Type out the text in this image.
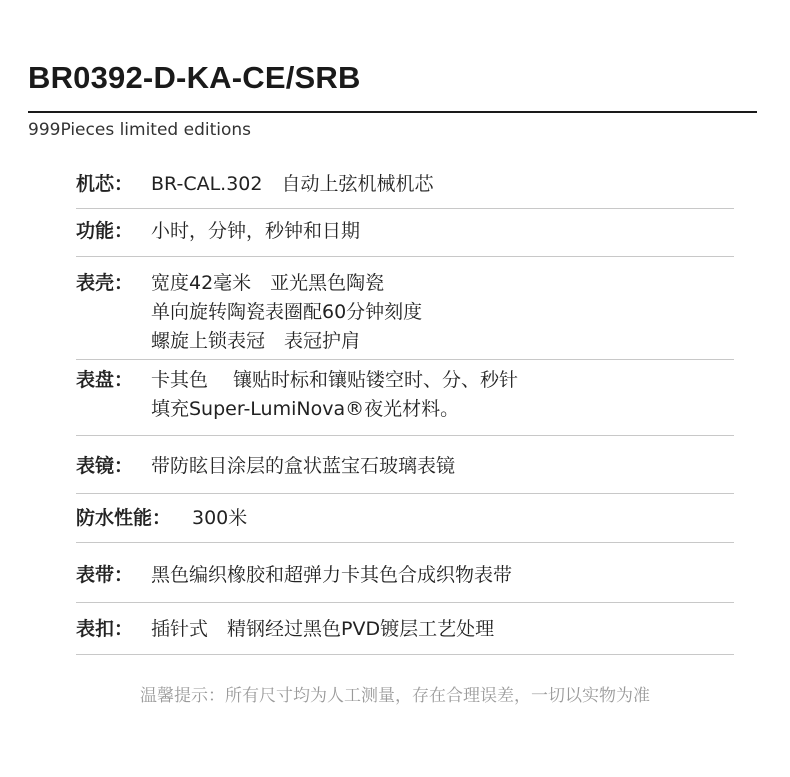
BR0392-D-KA-CE/SRB
999Pieces limited editions
机芯： BR-CAL.302　自动上弦机械机芯
功能： 小时，分钟，秒钟和日期
表壳： 宽度42毫米　亚光黑色陶瓷
单向旋转陶瓷表圈配60分钟刻度
螺旋上锁表冠　表冠护肩
表盘： 卡其色　 镶贴时标和镶贴镂空时、分、秒针
填充Super-LumiNova®夜光材料。
表镜： 带防眩目涂层的盒状蓝宝石玻璃表镜
防水性能：	300米
表带： 黑色编织橡胶和超弹力卡其色合成织物表带
表扣： 插针式　精钢经过黑色PVD镀层工艺处理
温馨提示：所有尺寸均为人工测量，存在合理误差，一切以实物为准
